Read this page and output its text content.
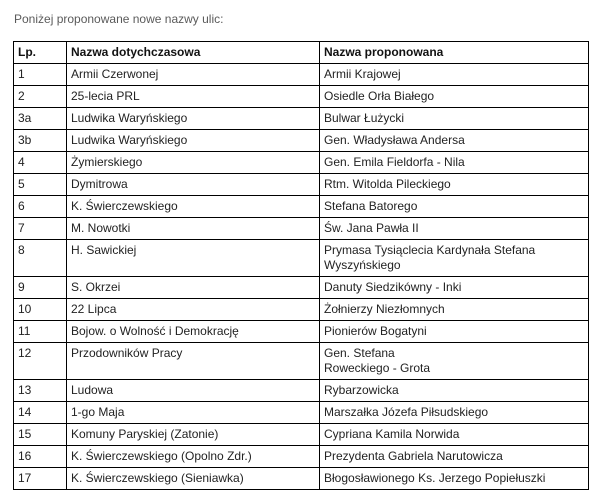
Poniżej proponowane nowe nazwy ulic:

Lp.	Nazwa dotychczasowa	Nazwa proponowana
1	Armii Czerwonej	Armii Krajowej
2	25-lecia PRL	Osiedle Orła Białego
3a	Ludwika Waryńskiego	Bulwar Łużycki
3b	Ludwika Waryńskiego	Gen. Władysława Andersa
4	Żymierskiego	Gen. Emila Fieldorfa - Nila
5	Dymitrowa	Rtm. Witolda Pileckiego
6	K. Świerczewskiego	Stefana Batorego
7	M. Nowotki	Św. Jana Pawła II
8	H. Sawickiej	Prymasa Tysiąclecia Kardynała Stefana
Wyszyńskiego
9	S. Okrzei	Danuty Siedzikówny - Inki
10	22 Lipca	Żołnierzy Niezłomnych
11	Bojow. o Wolność i Demokrację	Pionierów Bogatyni
12	Przodowników Pracy	Gen. Stefana
Roweckiego - Grota
13	Ludowa	Rybarzowicka
14	1-go Maja	Marszałka Józefa Piłsudskiego
15	Komuny Paryskiej (Zatonie)	Cypriana Kamila Norwida
16	K. Świerczewskiego (Opolno Zdr.)	Prezydenta Gabriela Narutowicza
17	K. Świerczewskiego (Sieniawka)	Błogosławionego Ks. Jerzego Popiełuszki
